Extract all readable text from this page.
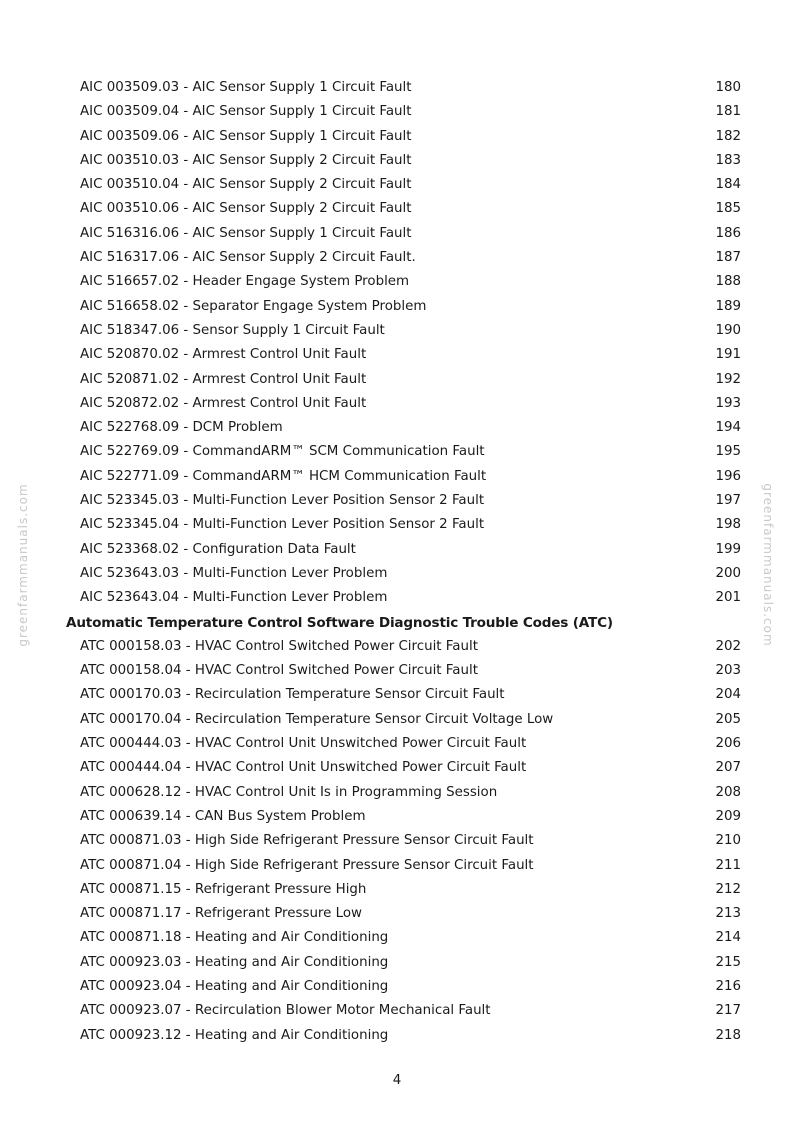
greenfarmmanuals.com	greenfarmmanuals.com
AIC 003509.03 - AIC Sensor Supply 1 Circuit Fault	180
AIC 003509.04 - AIC Sensor Supply 1 Circuit Fault	181
AIC 003509.06 - AIC Sensor Supply 1 Circuit Fault	182
AIC 003510.03 - AIC Sensor Supply 2 Circuit Fault	183
AIC 003510.04 - AIC Sensor Supply 2 Circuit Fault	184
AIC 003510.06 - AIC Sensor Supply 2 Circuit Fault	185
AIC 516316.06 - AIC Sensor Supply 1 Circuit Fault	186
AIC 516317.06 - AIC Sensor Supply 2 Circuit Fault.	187
AIC 516657.02 - Header Engage System Problem	188
AIC 516658.02 - Separator Engage System Problem	189
AIC 518347.06 - Sensor Supply 1 Circuit Fault	190
AIC 520870.02 - Armrest Control Unit Fault	191
AIC 520871.02 - Armrest Control Unit Fault	192
AIC 520872.02 - Armrest Control Unit Fault	193
AIC 522768.09 - DCM Problem	194
AIC 522769.09 - CommandARM™ SCM Communication Fault	195
AIC 522771.09 - CommandARM™ HCM Communication Fault	196
AIC 523345.03 - Multi-Function Lever Position Sensor 2 Fault	197
AIC 523345.04 - Multi-Function Lever Position Sensor 2 Fault	198
AIC 523368.02 - Configuration Data Fault	199
AIC 523643.03 - Multi-Function Lever Problem	200
AIC 523643.04 - Multi-Function Lever Problem	201
Automatic Temperature Control Software Diagnostic Trouble Codes (ATC)
ATC 000158.03 - HVAC Control Switched Power Circuit Fault	202
ATC 000158.04 - HVAC Control Switched Power Circuit Fault	203
ATC 000170.03 - Recirculation Temperature Sensor Circuit Fault	204
ATC 000170.04 - Recirculation Temperature Sensor Circuit Voltage Low	205
ATC 000444.03 - HVAC Control Unit Unswitched Power Circuit Fault	206
ATC 000444.04 - HVAC Control Unit Unswitched Power Circuit Fault	207
ATC 000628.12 - HVAC Control Unit Is in Programming Session	208
ATC 000639.14 - CAN Bus System Problem	209
ATC 000871.03 - High Side Refrigerant Pressure Sensor Circuit Fault	210
ATC 000871.04 - High Side Refrigerant Pressure Sensor Circuit Fault	211
ATC 000871.15 - Refrigerant Pressure High	212
ATC 000871.17 - Refrigerant Pressure Low	213
ATC 000871.18 - Heating and Air Conditioning	214
ATC 000923.03 - Heating and Air Conditioning	215
ATC 000923.04 - Heating and Air Conditioning	216
ATC 000923.07 - Recirculation Blower Motor Mechanical Fault	217
ATC 000923.12 - Heating and Air Conditioning	218
4
